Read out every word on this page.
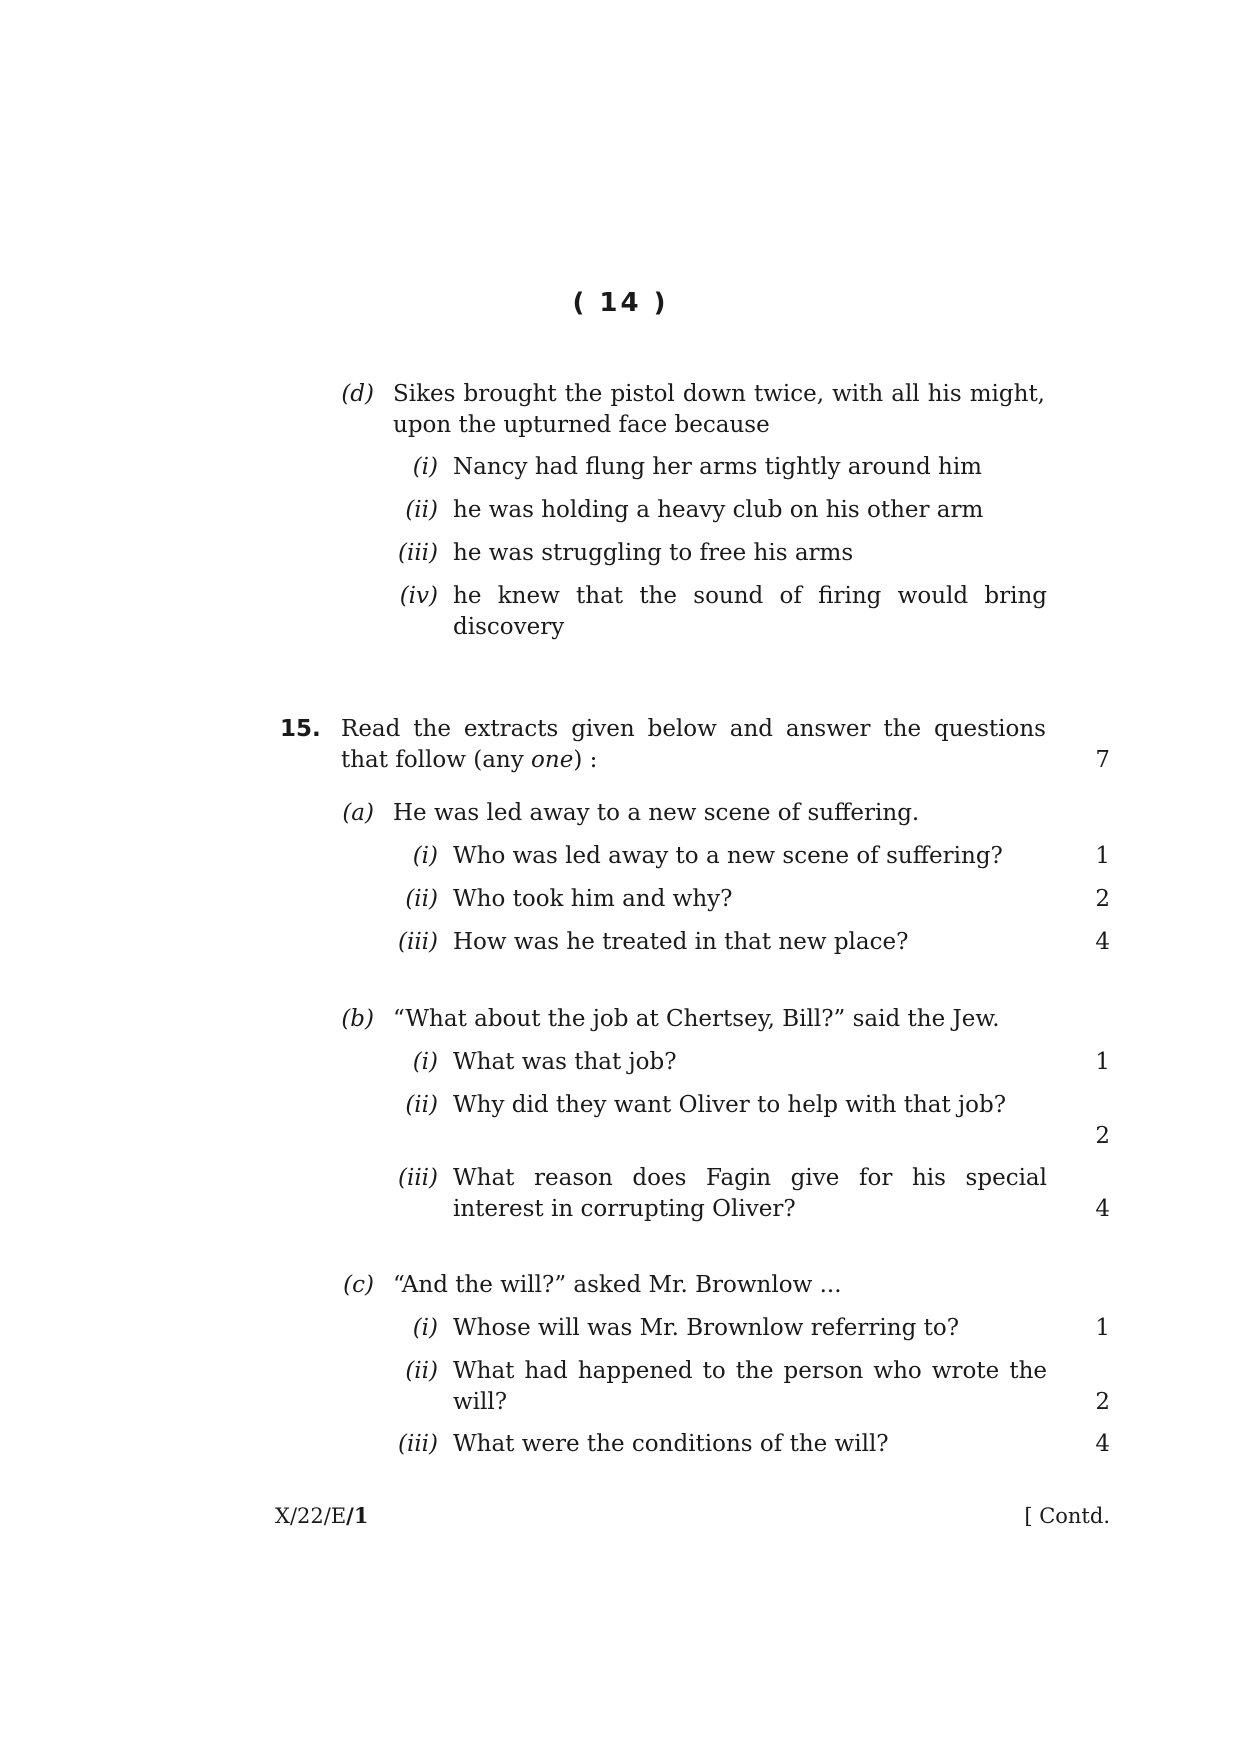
( 14 )
(d) Sikes brought the pistol down twice, with all his might, upon the upturned face because
(i) Nancy had flung her arms tightly around him
(ii) he was holding a heavy club on his other arm
(iii) he was struggling to free his arms
(iv) he knew that the sound of firing would bring discovery
15. Read the extracts given below and answer the questions that follow (any one) :	7
(a) He was led away to a new scene of suffering.
(i) Who was led away to a new scene of suffering?	1
(ii) Who took him and why?	2
(iii) How was he treated in that new place?	4
(b) “What about the job at Chertsey, Bill?” said the Jew.
(i) What was that job?	1
(ii) Why did they want Oliver to help with that job?
2
(iii) What reason does Fagin give for his special interest in corrupting Oliver?	4
(c) “And the will?” asked Mr. Brownlow ...
(i) Whose will was Mr. Brownlow referring to?	1
(ii) What had happened to the person who wrote the will?	2
(iii) What were the conditions of the will?	4
X/22/E/1	[ Contd.
